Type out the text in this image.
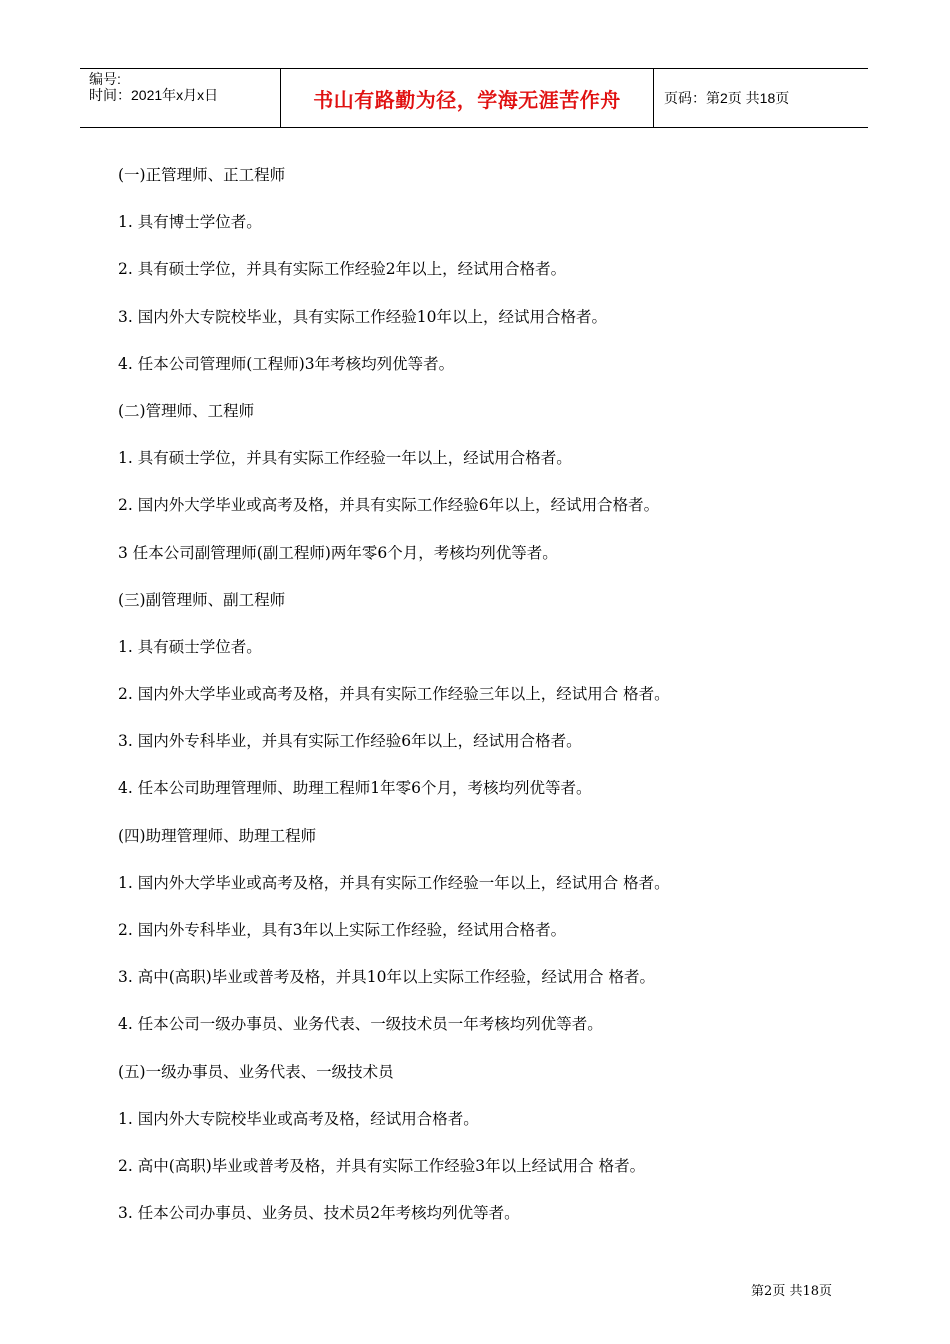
编号:
时间：2021年x月x日	书山有路勤为径，学海无涯苦作舟	页码：第2页 共18页
(一)正管理师、正工程师
1. 具有博士学位者。
2. 具有硕士学位，并具有实际工作经验2年以上，经试用合格者。
3. 国内外大专院校毕业，具有实际工作经验10年以上，经试用合格者。
4. 任本公司管理师(工程师)3年考核均列优等者。
(二)管理师、工程师
1. 具有硕士学位，并具有实际工作经验一年以上，经试用合格者。
2. 国内外大学毕业或高考及格，并具有实际工作经验6年以上，经试用合格者。
3 任本公司副管理师(副工程师)两年零6个月，考核均列优等者。
(三)副管理师、副工程师
1. 具有硕士学位者。
2. 国内外大学毕业或高考及格，并具有实际工作经验三年以上，经试用合 格者。
3. 国内外专科毕业，并具有实际工作经验6年以上，经试用合格者。
4. 任本公司助理管理师、助理工程师1年零6个月，考核均列优等者。
(四)助理管理师、助理工程师
1. 国内外大学毕业或高考及格，并具有实际工作经验一年以上，经试用合 格者。
2. 国内外专科毕业，具有3年以上实际工作经验，经试用合格者。
3. 高中(高职)毕业或普考及格，并具10年以上实际工作经验，经试用合 格者。
4. 任本公司一级办事员、业务代表、一级技术员一年考核均列优等者。
(五)一级办事员、业务代表、一级技术员
1. 国内外大专院校毕业或高考及格，经试用合格者。
2. 高中(高职)毕业或普考及格，并具有实际工作经验3年以上经试用合 格者。
3. 任本公司办事员、业务员、技术员2年考核均列优等者。
第2页 共18页
